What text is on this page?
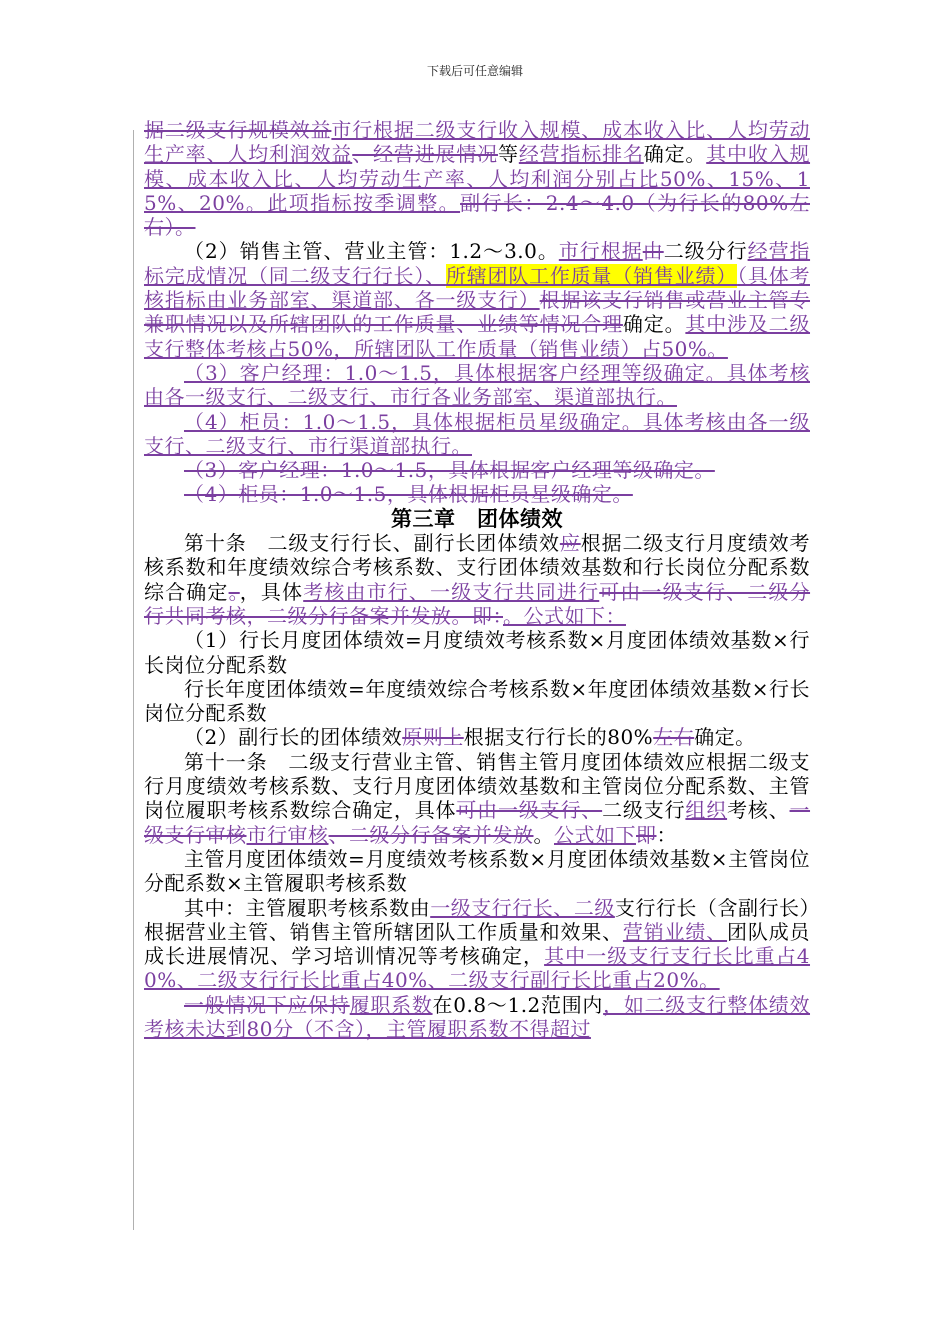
下载后可任意编辑

据二级支行规模效益市行根据二级支行收入规模、成本收入比、人均劳动生产率、人均利润效益、经营进展情况等经营指标排名确定。其中收入规模、成本收入比、人均劳动生产率、人均利润分别占比50%、15%、15%、20%。此项指标按季调整。副行长：2.4～4.0（为行长的80%左右）。

（2）销售主管、营业主管：1.2～3.0。市行根据由二级分行经营指标完成情况（同二级支行行长）、所辖团队工作质量（销售业绩）（具体考核指标由业务部室、渠道部、各一级支行）根据该支行销售或营业主管专兼职情况以及所辖团队的工作质量、业绩等情况合理确定。其中涉及二级支行整体考核占50%，所辖团队工作质量（销售业绩）占50%。

（3）客户经理：1.0～1.5，具体根据客户经理等级确定。具体考核由各一级支行、二级支行、市行各业务部室、渠道部执行。

（4）柜员：1.0～1.5，具体根据柜员星级确定。具体考核由各一级支行、二级支行、市行渠道部执行。

（3）客户经理：1.0～1.5，具体根据客户经理等级确定。

（4）柜员：1.0～1.5，具体根据柜员星级确定。

第三章　团体绩效

第十条　二级支行行长、副行长团体绩效应根据二级支行月度绩效考核系数和年度绩效综合考核系数、支行团体绩效基数和行长岗位分配系数综合确定。，具体考核由市行、一级支行共同进行可由一级支行、二级分行共同考核，二级分行备案并发放。即：。公式如下：

（1）行长月度团体绩效=月度绩效考核系数×月度团体绩效基数×行长岗位分配系数

行长年度团体绩效=年度绩效综合考核系数×年度团体绩效基数×行长岗位分配系数

（2）副行长的团体绩效原则上根据支行行长的80%左右确定。

第十一条　二级支行营业主管、销售主管月度团体绩效应根据二级支行月度绩效考核系数、支行月度团体绩效基数和主管岗位分配系数、主管岗位履职考核系数综合确定，具体可由一级支行、二级支行组织考核、一级支行审核市行审核、二级分行备案并发放。公式如下即：

主管月度团体绩效=月度绩效考核系数×月度团体绩效基数×主管岗位分配系数×主管履职考核系数

其中：主管履职考核系数由一级支行行长、二级支行行长（含副行长）根据营业主管、销售主管所辖团队工作质量和效果、营销业绩、团队成员成长进展情况、学习培训情况等考核确定，其中一级支行支行长比重占40%、二级支行行长比重占40%、二级支行副行长比重占20%。

一般情况下应保持履职系数在0.8～1.2范围内，如二级支行整体绩效考核未达到80分（不含），主管履职系数不得超过
